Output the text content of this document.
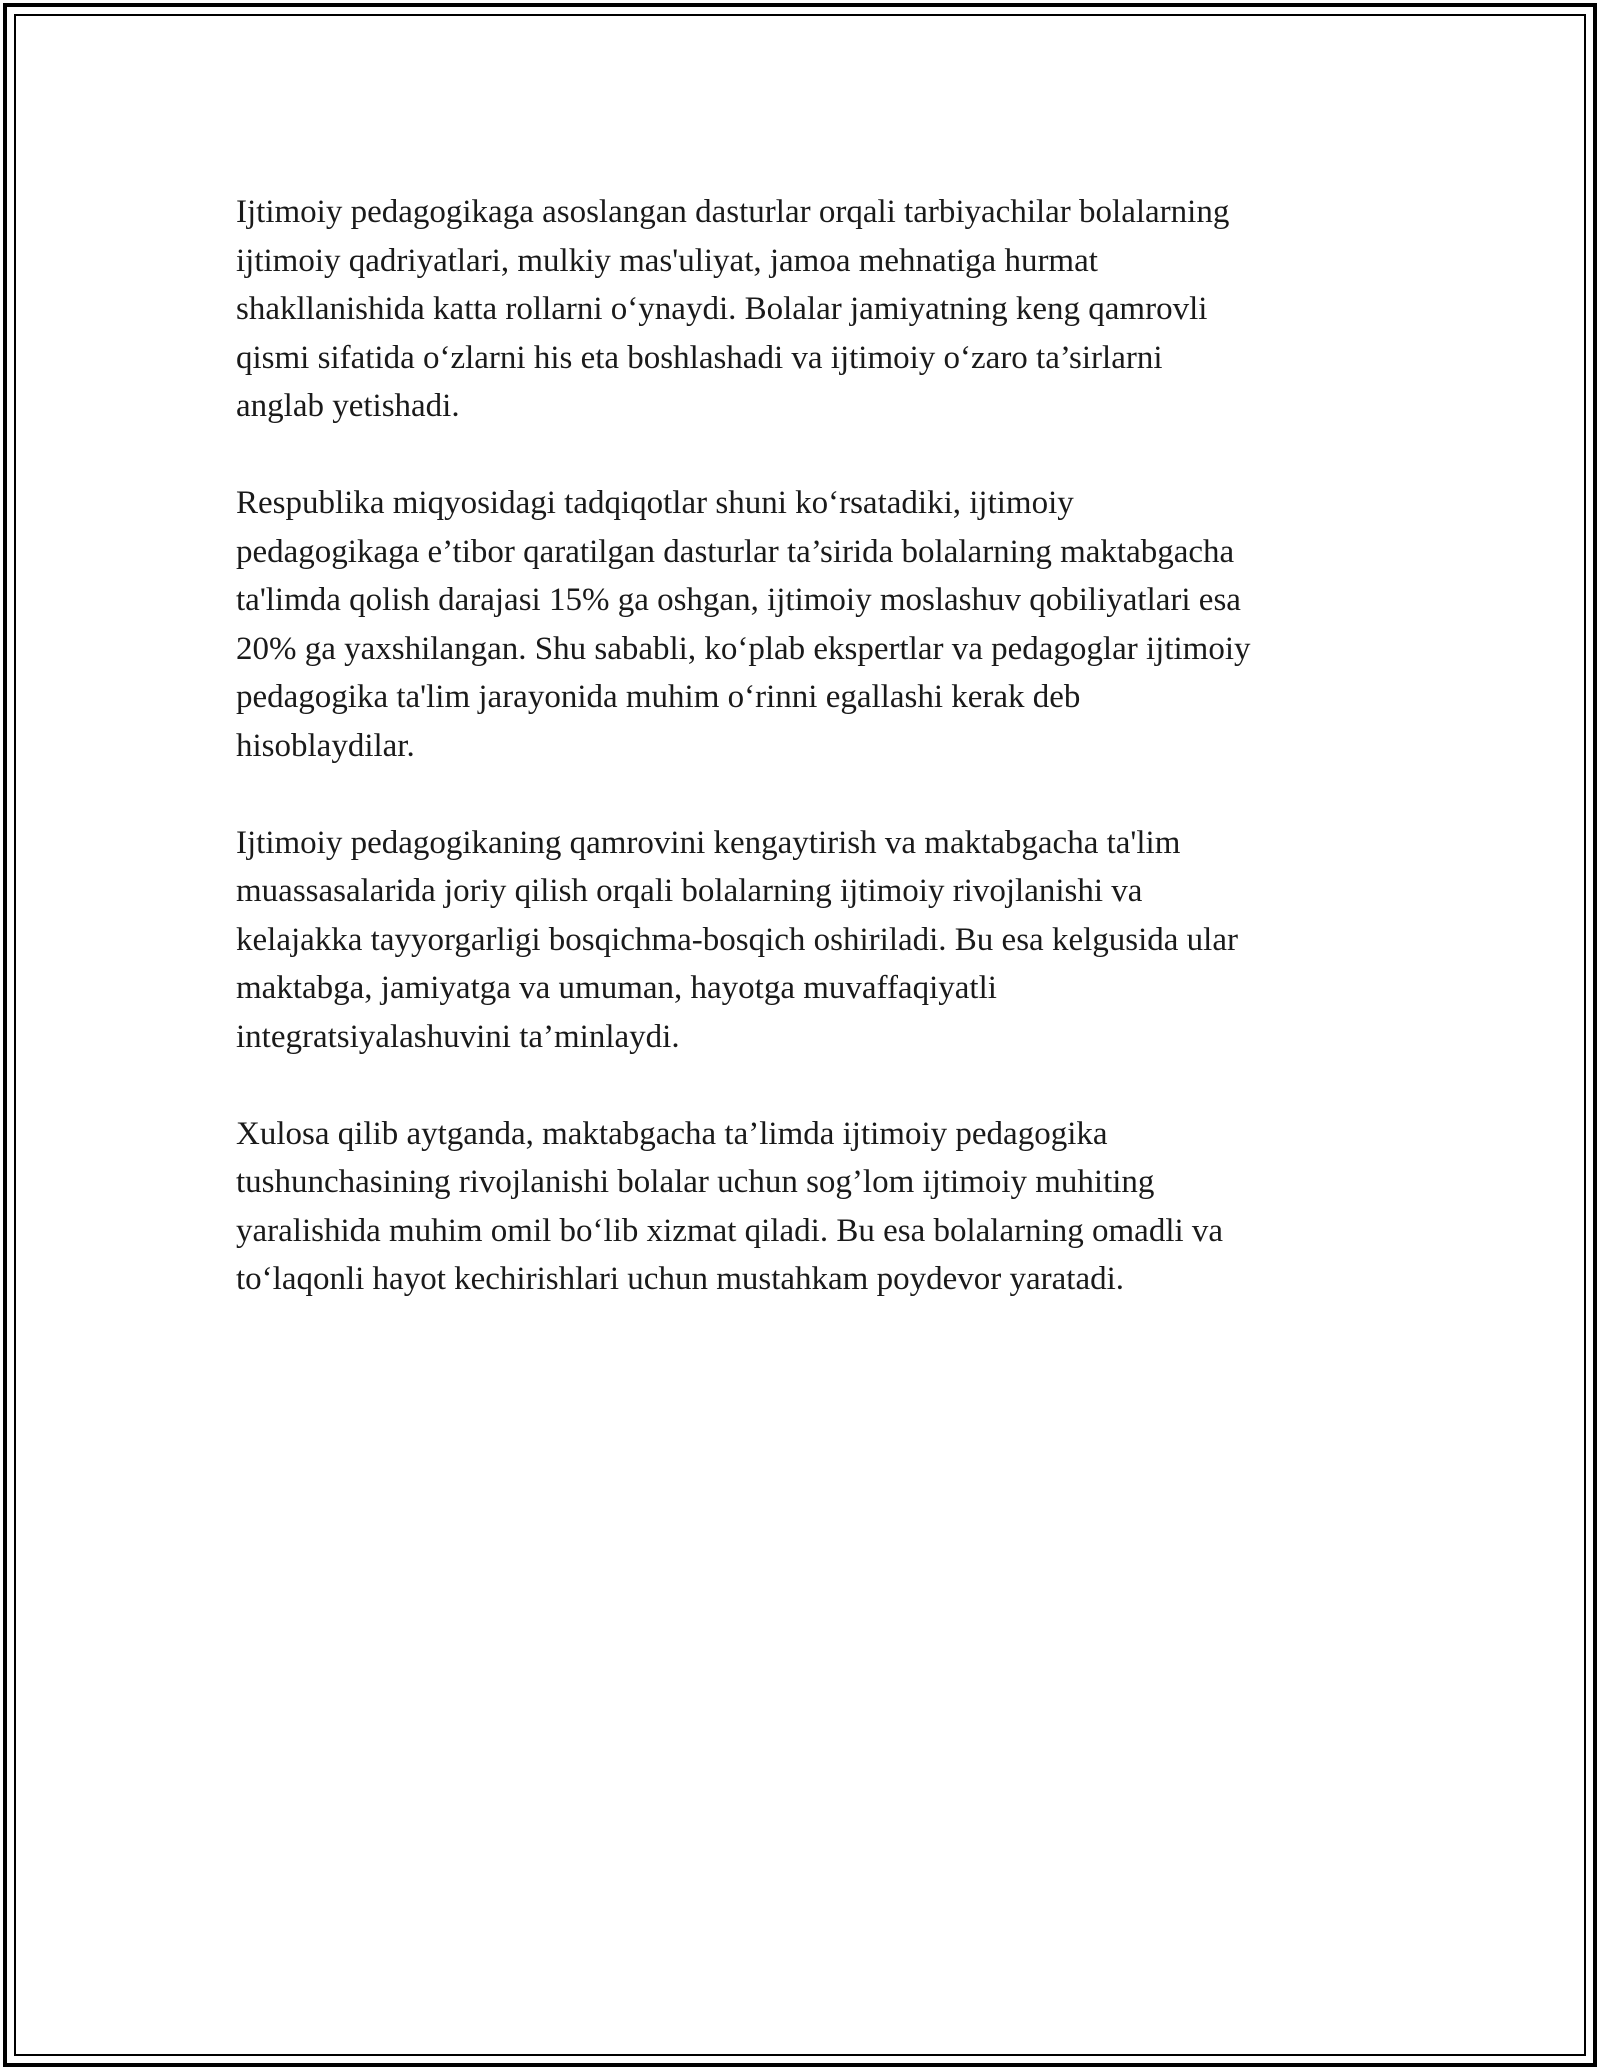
Ijtimoiy pedagogikaga asoslangan dasturlar orqali tarbiyachilar bolalarning
ijtimoiy qadriyatlari, mulkiy mas'uliyat, jamoa mehnatiga hurmat
shakllanishida katta rollarni o‘ynaydi. Bolalar jamiyatning keng qamrovli
qismi sifatida o‘zlarni his eta boshlashadi va ijtimoiy o‘zaro ta’sirlarni
anglab yetishadi.

Respublika miqyosidagi tadqiqotlar shuni ko‘rsatadiki, ijtimoiy
pedagogikaga e’tibor qaratilgan dasturlar ta’sirida bolalarning maktabgacha
ta'limda qolish darajasi 15% ga oshgan, ijtimoiy moslashuv qobiliyatlari esa
20% ga yaxshilangan. Shu sababli, ko‘plab ekspertlar va pedagoglar ijtimoiy
pedagogika ta'lim jarayonida muhim o‘rinni egallashi kerak deb
hisoblaydilar.

Ijtimoiy pedagogikaning qamrovini kengaytirish va maktabgacha ta'lim
muassasalarida joriy qilish orqali bolalarning ijtimoiy rivojlanishi va
kelajakka tayyorgarligi bosqichma-bosqich oshiriladi. Bu esa kelgusida ular
maktabga, jamiyatga va umuman, hayotga muvaffaqiyatli
integratsiyalashuvini ta’minlaydi.

Xulosa qilib aytganda, maktabgacha ta’limda ijtimoiy pedagogika
tushunchasining rivojlanishi bolalar uchun sog’lom ijtimoiy muhiting
yaralishida muhim omil bo‘lib xizmat qiladi. Bu esa bolalarning omadli va
to‘laqonli hayot kechirishlari uchun mustahkam poydevor yaratadi.
